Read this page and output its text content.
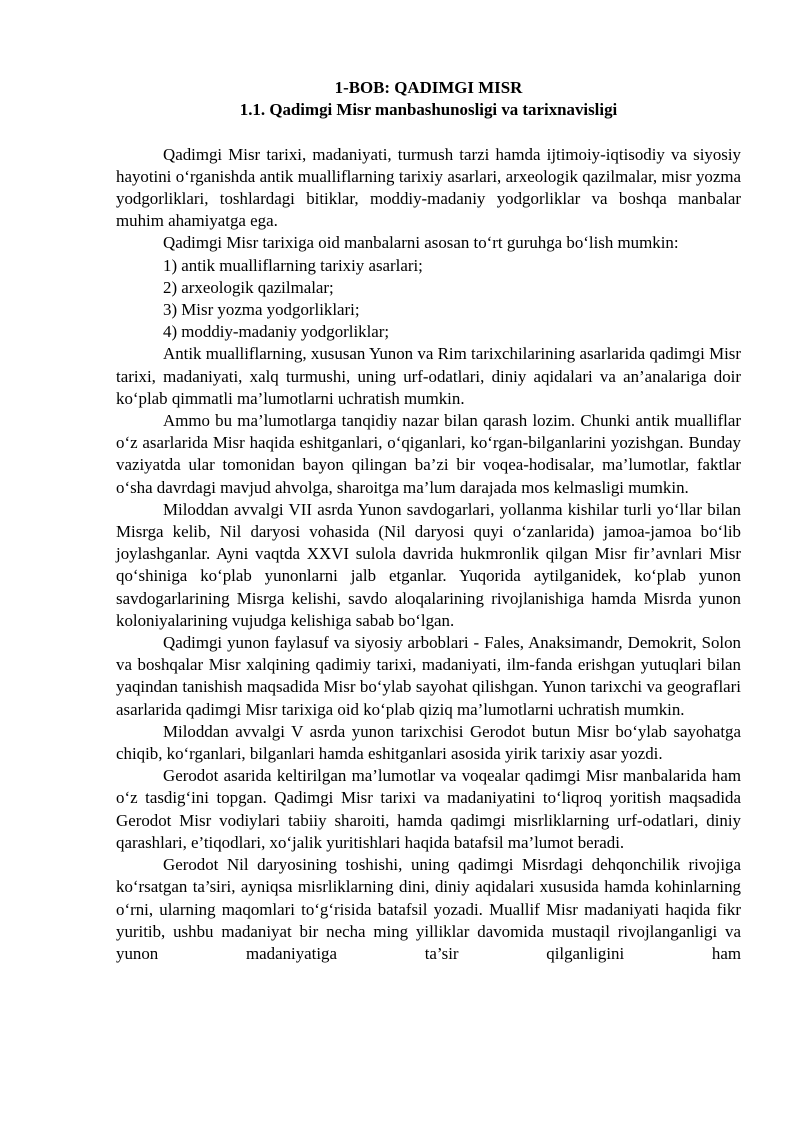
1-BOB: QADIMGI MISR

1.1. Qadimgi Misr manbashunosligi va tarixnavisligi

Qadimgi Misr tarixi, madaniyati, turmush tarzi hamda ijtimoiy-iqtisodiy va siyosiy hayotini o‘rganishda antik mualliflarning tarixiy asarlari, arxeologik qazilmalar, misr yozma yodgorliklari, toshlardagi bitiklar, moddiy-madaniy yodgorliklar va boshqa manbalar muhim ahamiyatga ega.

Qadimgi Misr tarixiga oid manbalarni asosan to‘rt guruhga bo‘lish mumkin:

1) antik mualliflarning tarixiy asarlari;

2) arxeologik qazilmalar;

3) Misr yozma yodgorliklari;

4) moddiy-madaniy yodgorliklar;

Antik mualliflarning, xususan Yunon va Rim tarixchilarining asarlarida qadimgi Misr tarixi, madaniyati, xalq turmushi, uning urf-odatlari, diniy aqidalari va an’analariga doir ko‘plab qimmatli ma’lumotlarni uchratish mumkin.

Ammo bu ma’lumotlarga tanqidiy nazar bilan qarash lozim. Chunki antik mualliflar o‘z asarlarida Misr haqida eshitganlari, o‘qiganlari, ko‘rgan-bilganlarini yozishgan. Bunday vaziyatda ular tomonidan bayon qilingan ba’zi bir voqea-hodisalar, ma’lumotlar, faktlar o‘sha davrdagi mavjud ahvolga, sharoitga ma’lum darajada mos kelmasligi mumkin.

Miloddan avvalgi VII asrda Yunon savdogarlari, yollanma kishilar turli yo‘llar bilan Misrga kelib, Nil daryosi vohasida (Nil daryosi quyi o‘zanlarida) jamoa-jamoa bo‘lib joylashganlar. Ayni vaqtda XXVI sulola davrida hukmronlik qilgan Misr fir’avnlari Misr qo‘shiniga ko‘plab yunonlarni jalb etganlar. Yuqorida aytilganidek, ko‘plab yunon savdogarlarining Misrga kelishi, savdo aloqalarining rivojlanishiga hamda Misrda yunon koloniyalarining vujudga kelishiga sabab bo‘lgan.

Qadimgi yunon faylasuf va siyosiy arboblari - Fales, Anaksimandr, Demokrit, Solon va boshqalar Misr xalqining qadimiy tarixi, madaniyati, ilm-fanda erishgan yutuqlari bilan yaqindan tanishish maqsadida Misr bo‘ylab sayohat qilishgan. Yunon tarixchi va geograflari asarlarida qadimgi Misr tarixiga oid ko‘plab qiziq ma’lumotlarni uchratish mumkin.

Miloddan avvalgi V asrda yunon tarixchisi Gerodot butun Misr bo‘ylab sayohatga chiqib, ko‘rganlari, bilganlari hamda eshitganlari asosida yirik tarixiy asar yozdi.

Gerodot asarida keltirilgan ma’lumotlar va voqealar qadimgi Misr manbalarida ham o‘z tasdig‘ini topgan. Qadimgi Misr tarixi va madaniyatini to‘liqroq yoritish maqsadida Gerodot Misr vodiylari tabiiy sharoiti, hamda qadimgi misrliklarning urf-odatlari, diniy qarashlari, e’tiqodlari, xo‘jalik yuritishlari haqida batafsil ma’lumot beradi.

Gerodot Nil daryosining toshishi, uning qadimgi Misrdagi dehqonchilik rivojiga ko‘rsatgan ta’siri, ayniqsa misrliklarning dini, diniy aqidalari xususida hamda kohinlarning o‘rni, ularning maqomlari to‘g‘risida batafsil yozadi. Muallif Misr madaniyati haqida fikr yuritib, ushbu madaniyat bir necha ming yilliklar davomida mustaqil rivojlanganligi va yunon madaniyatiga ta’sir qilganligini ham
